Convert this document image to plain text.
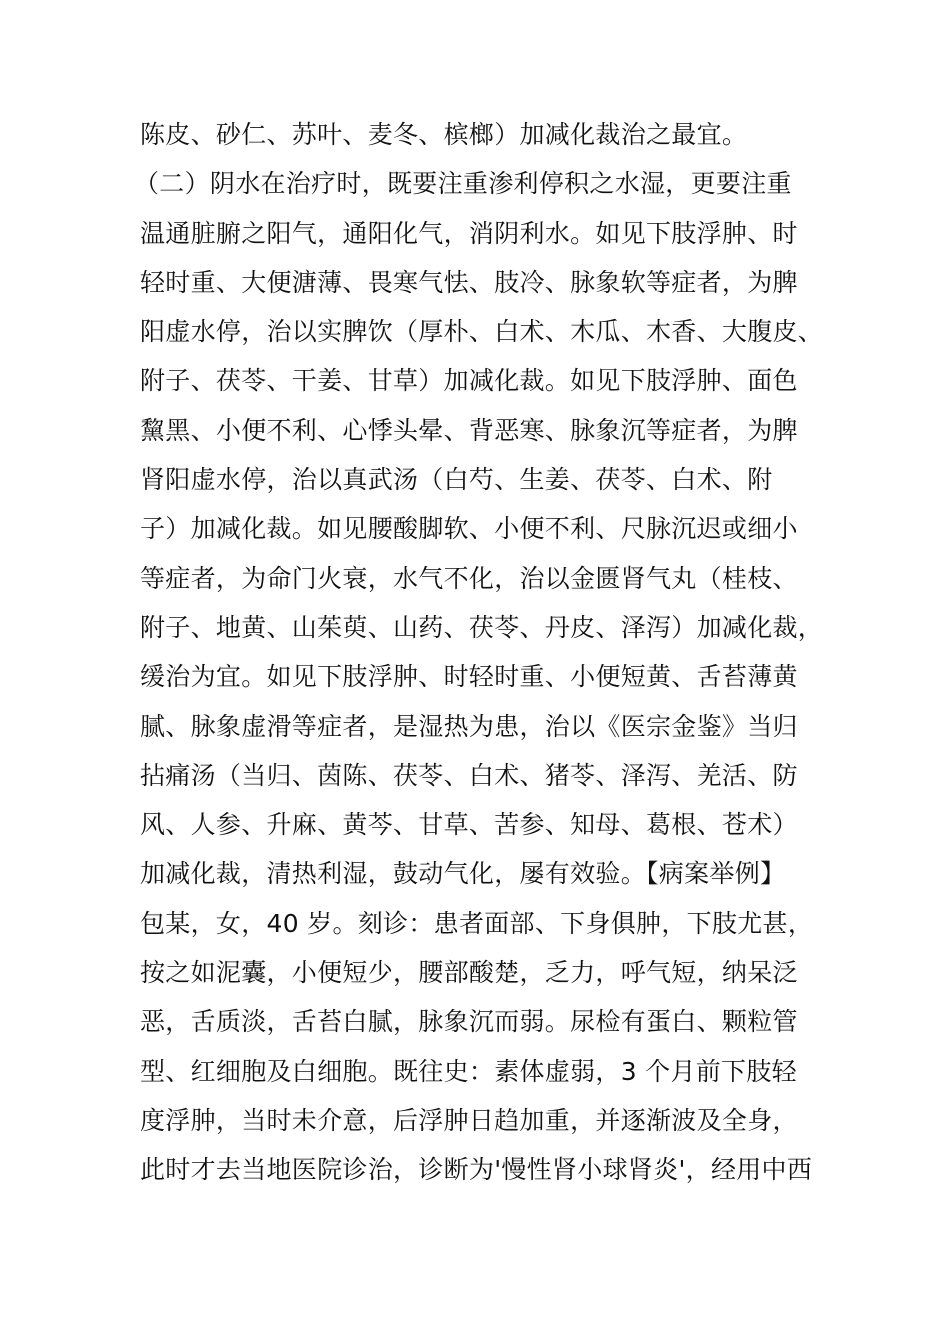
陈皮、砂仁、苏叶、麦冬、槟榔）加减化裁治之最宜。
（二）阴水在治疗时，既要注重渗利停积之水湿，更要注重
温通脏腑之阳气，通阳化气，消阴利水。如见下肢浮肿、时
轻时重、大便溏薄、畏寒气怯、肢冷、脉象软等症者，为脾
阳虚水停，治以实脾饮（厚朴、白术、木瓜、木香、大腹皮、
附子、茯苓、干姜、甘草）加减化裁。如见下肢浮肿、面色
黧黑、小便不利、心悸头晕、背恶寒、脉象沉等症者，为脾
肾阳虚水停，治以真武汤（白芍、生姜、茯苓、白术、附
子）加减化裁。如见腰酸脚软、小便不利、尺脉沉迟或细小
等症者，为命门火衰，水气不化，治以金匮肾气丸（桂枝、
附子、地黄、山茱萸、山药、茯苓、丹皮、泽泻）加减化裁，
缓治为宜。如见下肢浮肿、时轻时重、小便短黄、舌苔薄黄
腻、脉象虚滑等症者，是湿热为患，治以《医宗金鉴》当归
拈痛汤（当归、茵陈、茯苓、白术、猪苓、泽泻、羌活、防
风、人参、升麻、黄芩、甘草、苦参、知母、葛根、苍术）
加减化裁，清热利湿，鼓动气化，屡有效验。【病案举例】
包某，女，40 岁。刻诊：患者面部、下身俱肿，下肢尤甚，
按之如泥囊，小便短少，腰部酸楚，乏力，呼气短，纳呆泛
恶，舌质淡，舌苔白腻，脉象沉而弱。尿检有蛋白、颗粒管
型、红细胞及白细胞。既往史：素体虚弱，3 个月前下肢轻
度浮肿，当时未介意，后浮肿日趋加重，并逐渐波及全身，
此时才去当地医院诊治，诊断为'慢性肾小球肾炎'，经用中西
